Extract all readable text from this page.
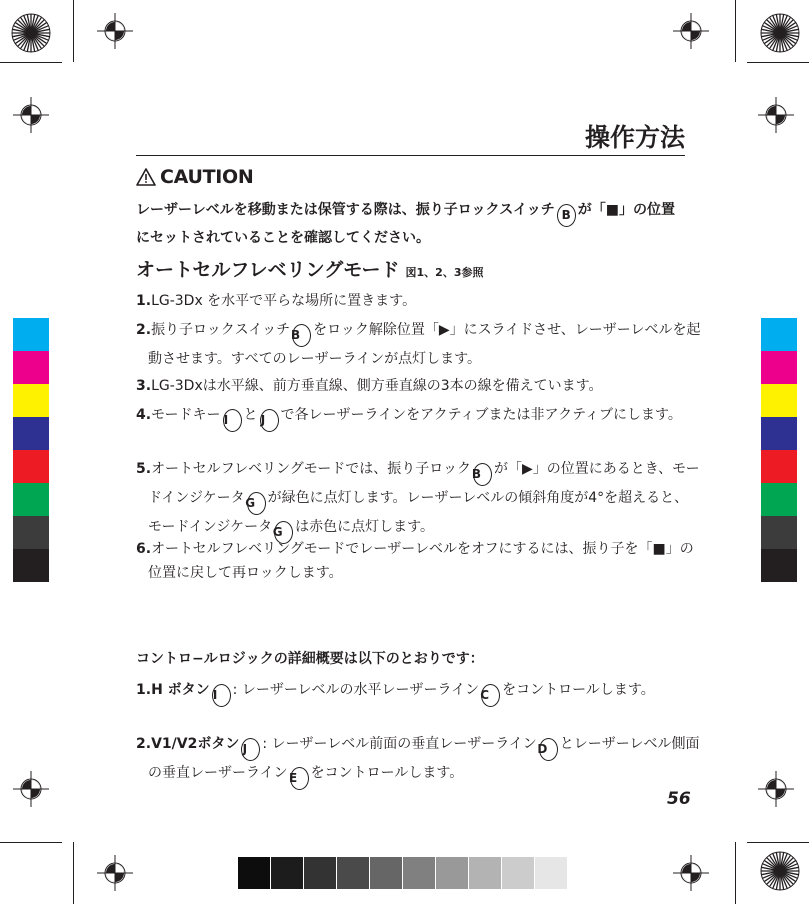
操作方法
CAUTION
レーザーレベルを移動または保管する際は、振り子ロックスイッチ B が「■」の位置にセットされていることを確認してください。
オートセルフレベリングモード 図1、2、3参照
1.LG-3Dx を水平で平らな場所に置きます。
2.振り子ロックスイッチB をロック解除位置「▶」にスライドさせ、レーザーレベルを起動させます。すべてのレーザーラインが点灯します。
3.LG-3Dxは水平線、前方垂直線、側方垂直線の3本の線を備えています。
4.モードキー I と J で各レーザーラインをアクティブまたは非アクティブにします。
5.オートセルフレベリングモードでは、振り子ロックB が「▶」の位置にあるとき、モードインジケータG が緑色に点灯します。レーザーレベルの傾斜角度が4°を超えると、モードインジケータG は赤色に点灯します。
6.オートセルフレベリングモードでレーザーレベルをオフにするには、振り子を「■」の位置に戻して再ロックします。
コントロ−ルロジックの詳細概要は以下のとおりです：
1.H ボタン I : レーザーレベルの水平レーザーラインC をコントロールします。
2.V1/V2ボタン J : レーザーレベル前面の垂直レーザーラインD とレーザーレベル側面の垂直レーザーラインE をコントロールします。
56
